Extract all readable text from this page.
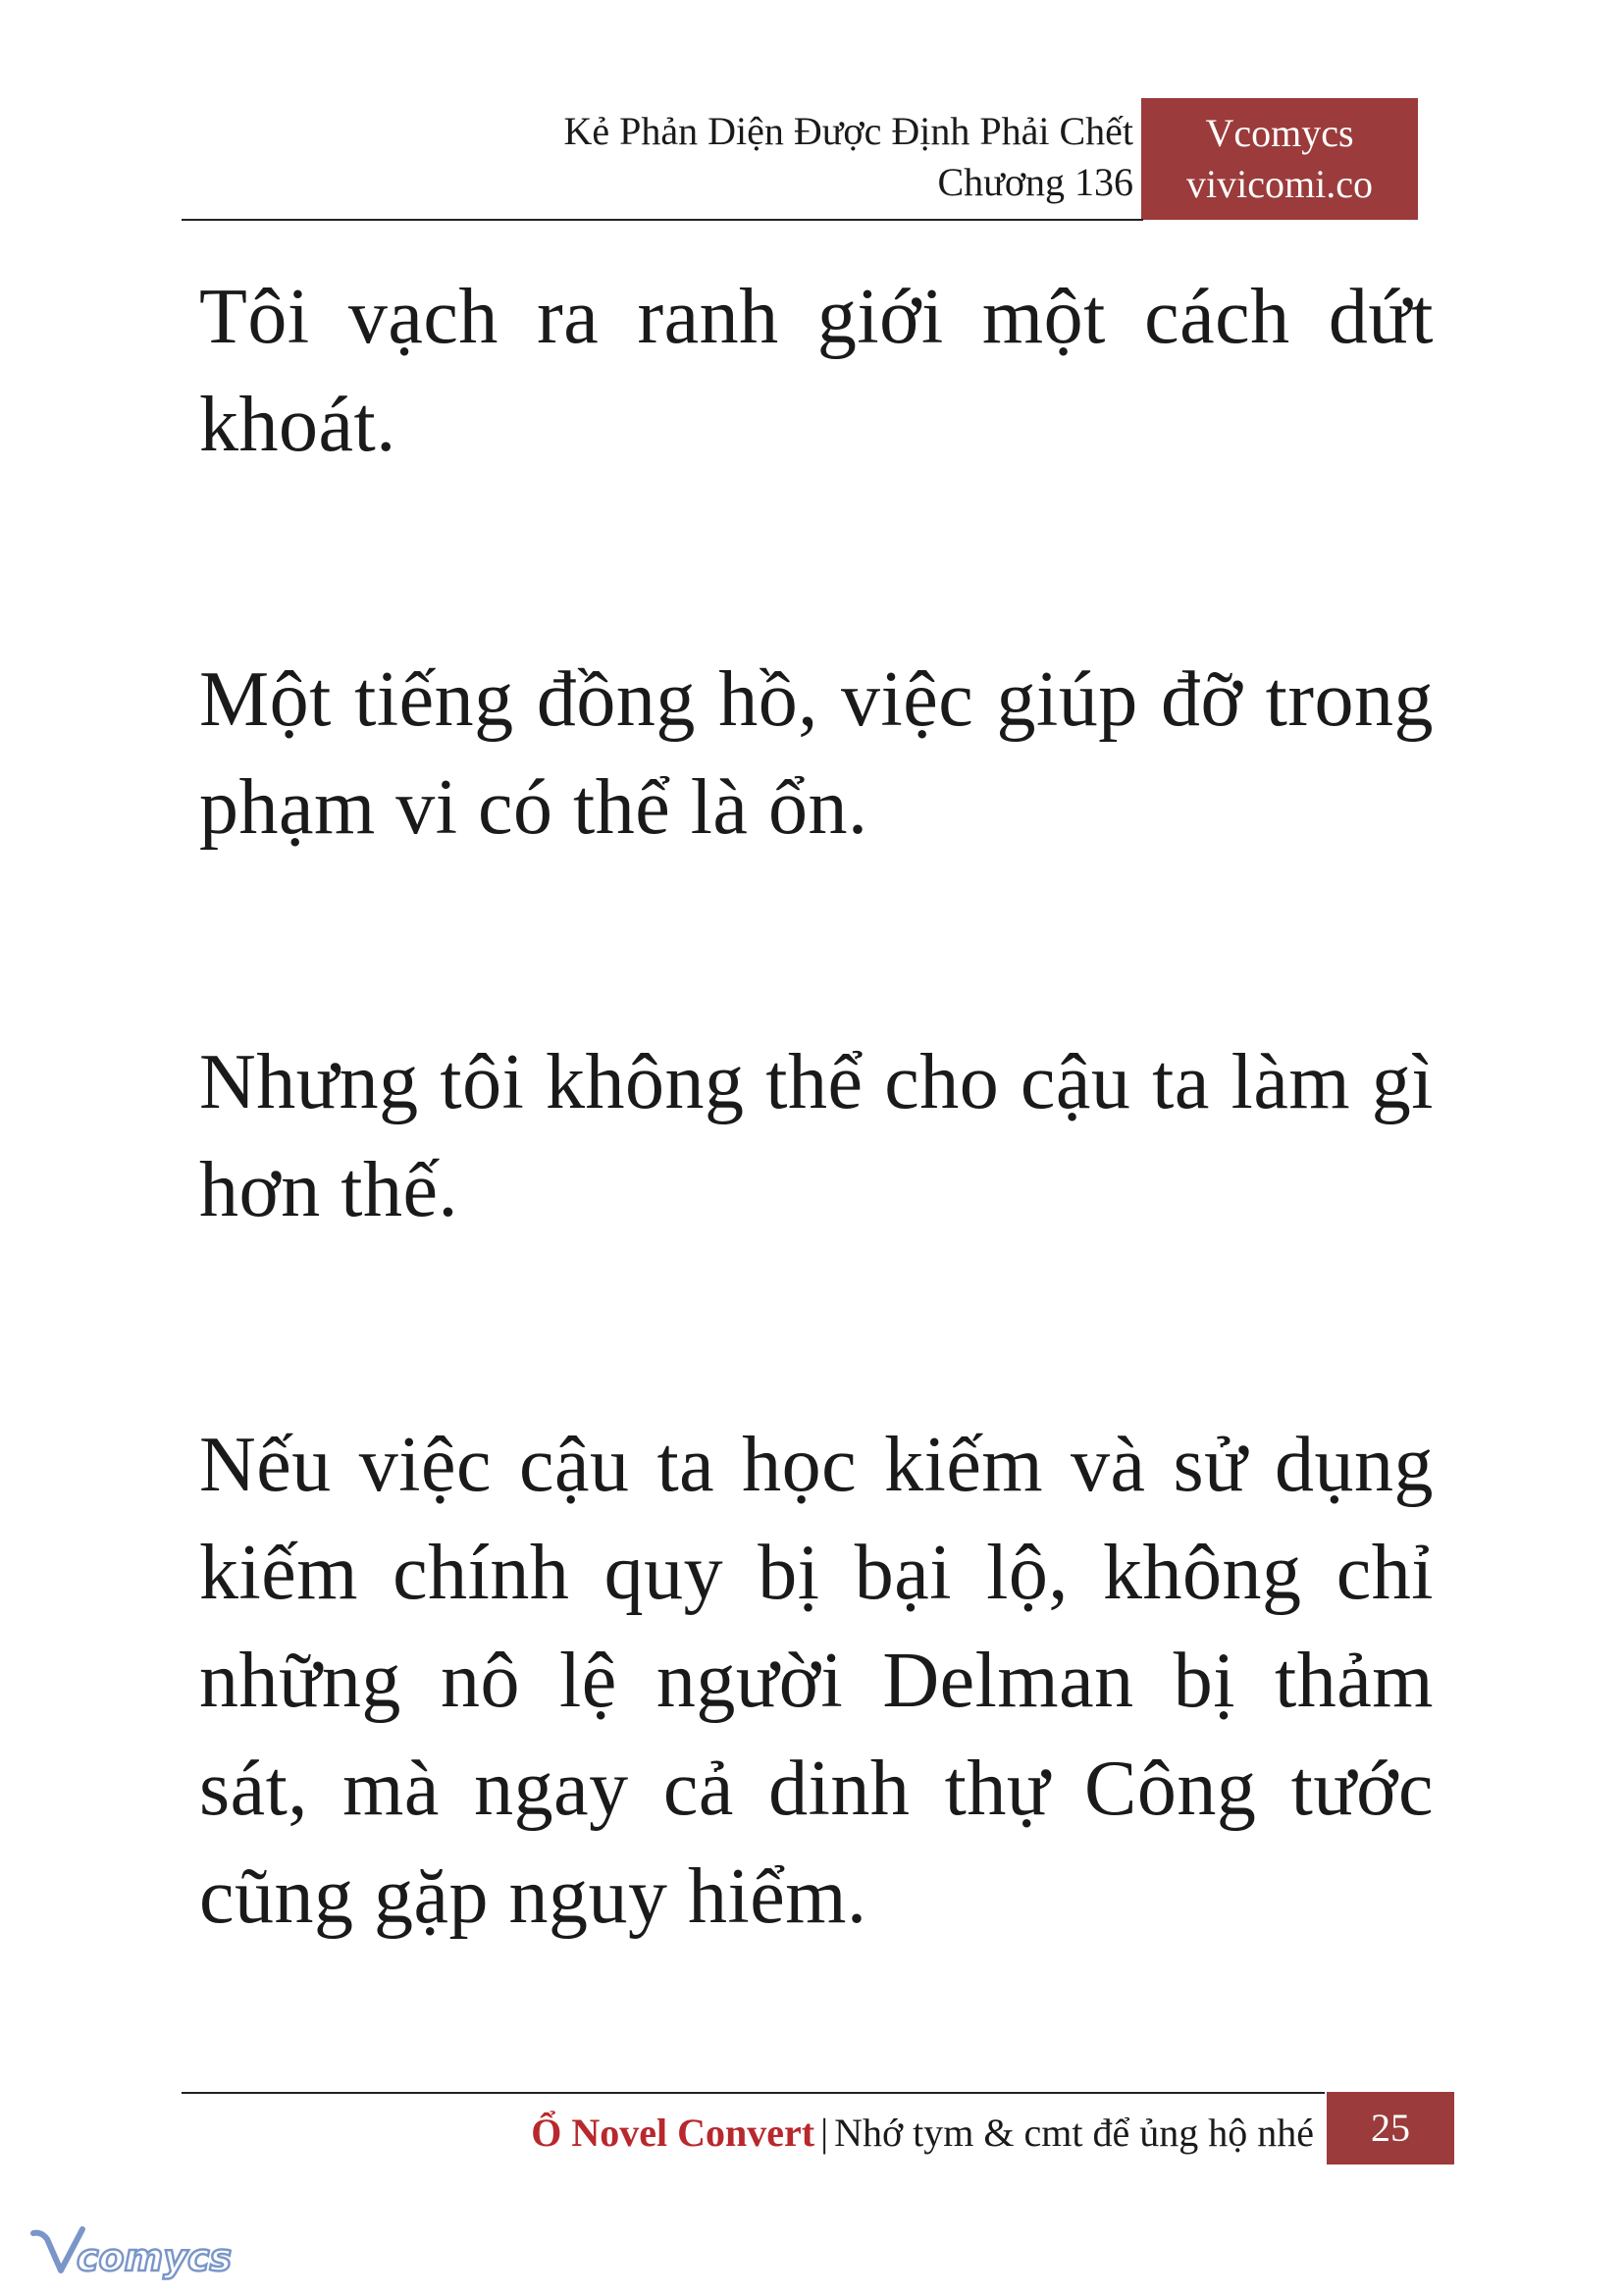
Kẻ Phản Diện Được Định Phải Chết
Chương 136
Vcomycs
vivicomi.co

Tôi vạch ra ranh giới một cách dứt khoát.

Một tiếng đồng hồ, việc giúp đỡ trong phạm vi có thể là ổn.

Nhưng tôi không thể cho cậu ta làm gì hơn thế.

Nếu việc cậu ta học kiếm và sử dụng kiếm chính quy bị bại lộ, không chỉ những nô lệ người Delman bị thảm sát, mà ngay cả dinh thự Công tước cũng gặp nguy hiểm.

Ổ Novel Convert | Nhớ tym & cmt để ủng hộ nhé	25
comycs
